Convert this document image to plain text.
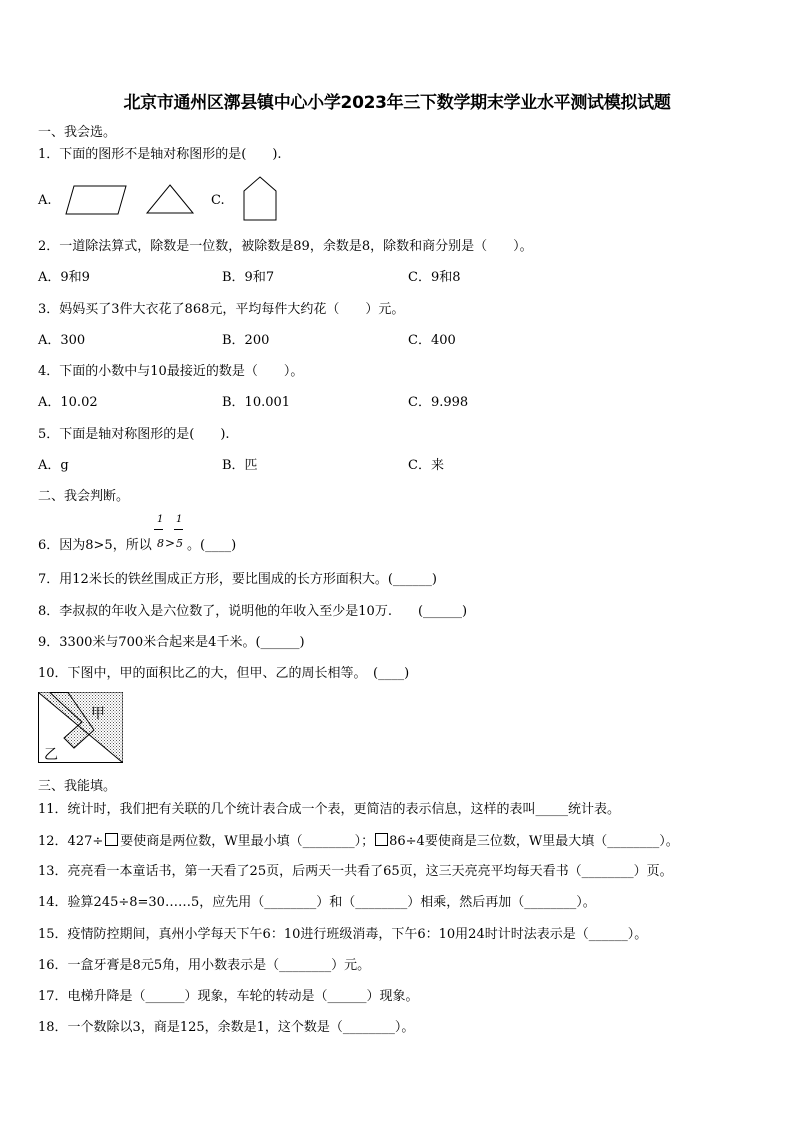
北京市通州区漷县镇中心小学2023年三下数学期末学业水平测试模拟试题
一、我会选。
1．下面的图形不是轴对称图形的是(　　).
A.	C.
2．一道除法算式，除数是一位数，被除数是89，余数是8，除数和商分别是（　　）。
A．9和9	B．9和7	C．9和8
3．妈妈买了3件大衣花了868元，平均每件大约花（　　）元。
A．300	B．200	C．400
4．下面的小数中与10最接近的数是（　　）。
A．10.02	B．10.001	C．9.998
5．下面是轴对称图形的是(　　).
A．g	B．匹	C．来
二、我会判断。
6．因为8>5，所以
1
8 >
1
5 。(____)
7．用12米长的铁丝围成正方形，要比围成的长方形面积大。(______)
8．李叔叔的年收入是六位数了，说明他的年收入至少是10万.　　(______)
9．3300米与700米合起来是4千米。(______)
10．下图中，甲的面积比乙的大，但甲、乙的周长相等。　(____)
甲
乙
三、我能填。
11．统计时，我们把有关联的几个统计表合成一个表，更简洁的表示信息，这样的表叫_____统计表。
12．427÷ 要使商是两位数，W里最小填（________）； 86÷4要使商是三位数，W里最大填（________）。
13．亮亮看一本童话书，第一天看了25页，后两天一共看了65页，这三天亮亮平均每天看书（________）页。
14．验算245÷8=30……5，应先用（________）和（________）相乘，然后再加（________）。
15．疫情防控期间，真州小学每天下午6：10进行班级消毒，下午6：10用24时计时法表示是（______）。
16．一盒牙膏是8元5角，用小数表示是（________）元。
17．电梯升降是（______）现象，车轮的转动是（______）现象。
18．一个数除以3，商是125，余数是1，这个数是（________）。
